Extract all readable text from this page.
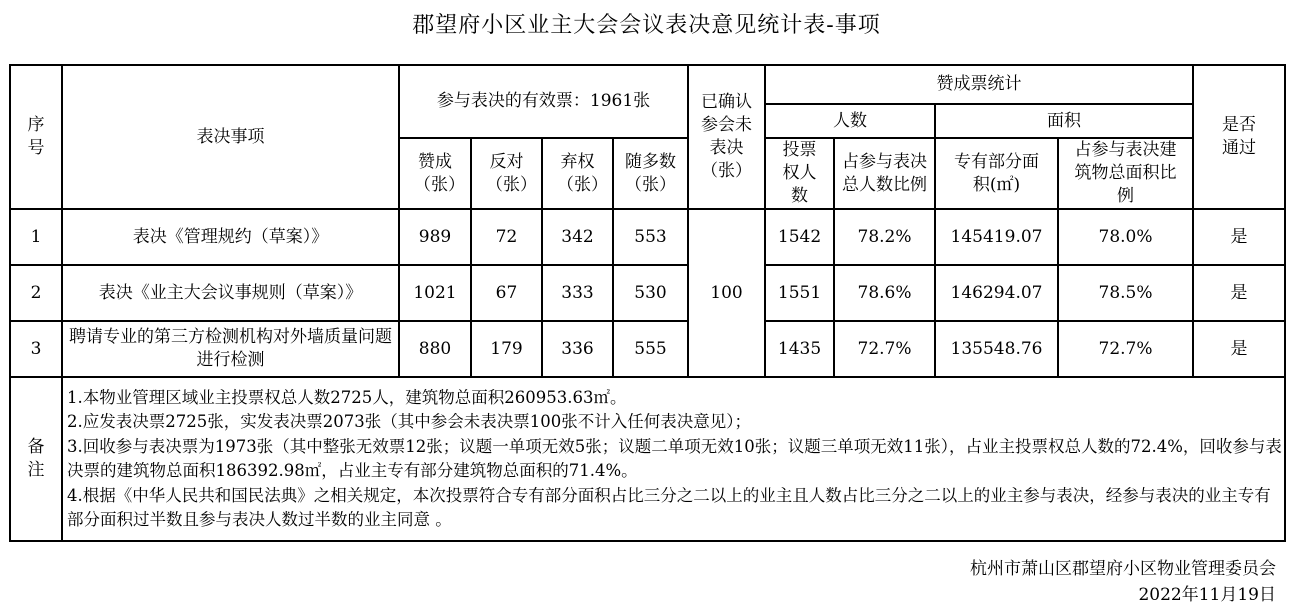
郡望府小区业主大会会议表决意见统计表-事项
序号	表决事项	参与表决的有效票：1961张				已确认参会未表决（张）	赞成票统计				是否通过
							人数		面积		
		赞成（张）	反对（张）	弃权（张）	随多数（张）		投票权人数	占参与表决总人数比例	专有部分面积(㎡)	占参与表决建筑物总面积比例	
1	表决《管理规约（草案）》	989	72	342	553	100	1542	78.2%	145419.07	78.0%	是
2	表决《业主大会议事规则（草案）》	1021	67	333	530		1551	78.6%	146294.07	78.5%	是
3	聘请专业的第三方检测机构对外墙质量问题进行检测	880	179	336	555		1435	72.7%	135548.76	72.7%	是
备注	1.本物业管理区域业主投票权总人数2725人，建筑物总面积260953.63㎡。
2.应发表决票2725张，实发表决票2073张（其中参会未表决票100张不计入任何表决意见）；
3.回收参与表决票为1973张（其中整张无效票12张；议题一单项无效5张；议题二单项无效10张；议题三单项无效11张），占业主投票权总人数的72.4%，回收参与表决票的建筑物总面积186392.98㎡，占业主专有部分建筑物总面积的71.4%。
4.根据《中华人民共和国民法典》之相关规定，本次投票符合专有部分面积占比三分之二以上的业主且人数占比三分之二以上的业主参与表决，经参与表决的业主专有部分面积过半数且参与表决人数过半数的业主同意 。										
杭州市萧山区郡望府小区物业管理委员会
2022年11月19日
